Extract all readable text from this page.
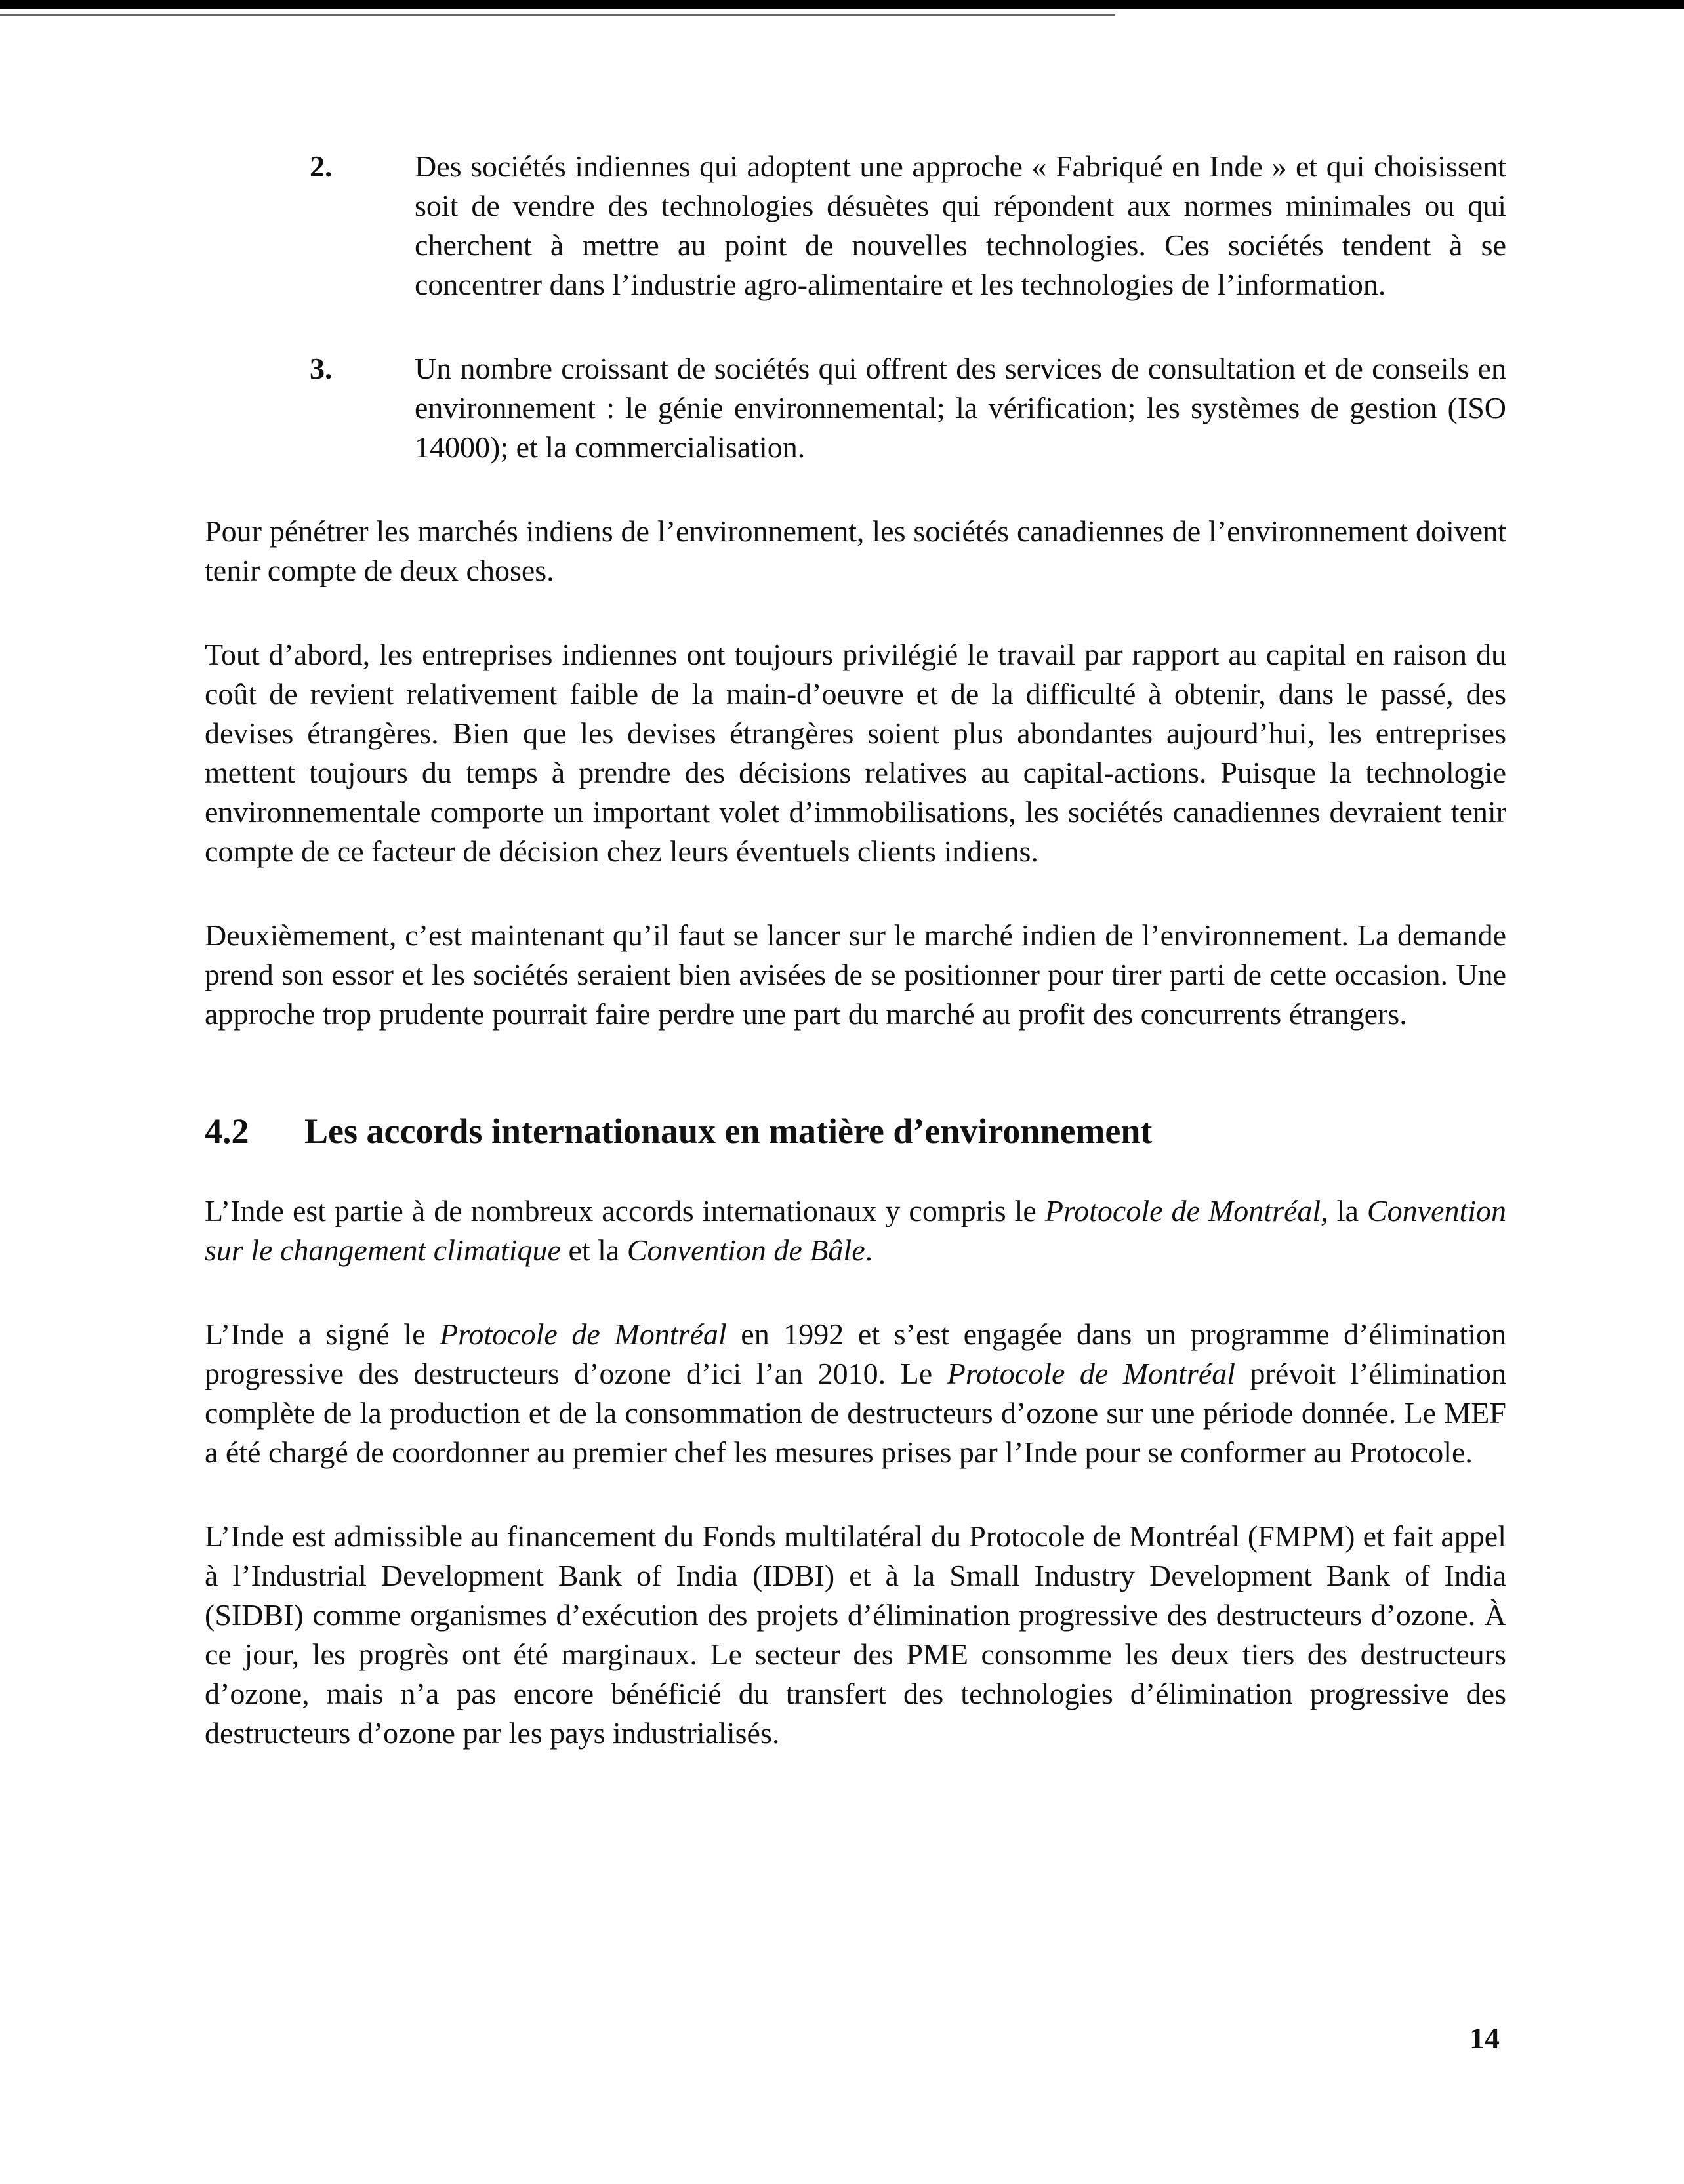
2.	Des sociétés indiennes qui adoptent une approche « Fabriqué en Inde » et qui choisissent soit de vendre des technologies désuètes qui répondent aux normes minimales ou qui cherchent à mettre au point de nouvelles technologies. Ces sociétés tendent à se concentrer dans l’industrie agro-alimentaire et les technologies de l’information.

3.	Un nombre croissant de sociétés qui offrent des services de consultation et de conseils en environnement : le génie environnemental; la vérification; les systèmes de gestion (ISO 14000); et la commercialisation.

Pour pénétrer les marchés indiens de l’environnement, les sociétés canadiennes de l’environnement doivent tenir compte de deux choses.

Tout d’abord, les entreprises indiennes ont toujours privilégié le travail par rapport au capital en raison du coût de revient relativement faible de la main-d’oeuvre et de la difficulté à obtenir, dans le passé, des devises étrangères. Bien que les devises étrangères soient plus abondantes aujourd’hui, les entreprises mettent toujours du temps à prendre des décisions relatives au capital-actions. Puisque la technologie environnementale comporte un important volet d’immobilisations, les sociétés canadiennes devraient tenir compte de ce facteur de décision chez leurs éventuels clients indiens.

Deuxièmement, c’est maintenant qu’il faut se lancer sur le marché indien de l’environnement. La demande prend son essor et les sociétés seraient bien avisées de se positionner pour tirer parti de cette occasion. Une approche trop prudente pourrait faire perdre une part du marché au profit des concurrents étrangers.

4.2 Les accords internationaux en matière d’environnement

L’Inde est partie à de nombreux accords internationaux y compris le Protocole de Montréal, la Convention sur le changement climatique et la Convention de Bâle.

L’Inde a signé le Protocole de Montréal en 1992 et s’est engagée dans un programme d’élimination progressive des destructeurs d’ozone d’ici l’an 2010. Le Protocole de Montréal prévoit l’élimination complète de la production et de la consommation de destructeurs d’ozone sur une période donnée. Le MEF a été chargé de coordonner au premier chef les mesures prises par l’Inde pour se conformer au Protocole.

L’Inde est admissible au financement du Fonds multilatéral du Protocole de Montréal (FMPM) et fait appel à l’Industrial Development Bank of India (IDBI) et à la Small Industry Development Bank of India (SIDBI) comme organismes d’exécution des projets d’élimination progressive des destructeurs d’ozone. À ce jour, les progrès ont été marginaux. Le secteur des PME consomme les deux tiers des destructeurs d’ozone, mais n’a pas encore bénéficié du transfert des technologies d’élimination progressive des destructeurs d’ozone par les pays industrialisés.

14
